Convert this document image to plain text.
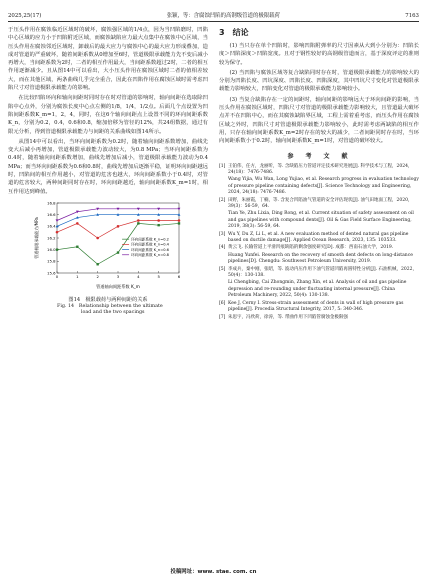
2025,25(17)	张颖，等：含腐蚀凹陷的高钢级管道的极限载荷	7163

于压头作用在腐蚀临近区域时的破坏，腐蚀强区域的1/4点，因为当凹陷磨时，凹陷中心区域的应力小于凹陷附近区域，而腐蚀缺陷应力最大点集中在腐蚀中心区域，当压头作用在腐蚀邻近区域时，卸载后的最大应力与腐蚀中心的最大应力形成叠加，造成对管道的严重破坏，随着间距系数从0增加至6时，管道极限承载能力先不变后减小再增大，当间距系数为2时，二者的相互作用最大，当间距系数超过2时，二者的相互作用逐渐减少。且从图14中可以看出，大小压头作用在腐蚀区域时二者的值相差较大，而在其他区域，两条曲线几乎完全重合，因此在凹陷作用在腐蚀区域时需考虑凹陷尺寸对管道极限承载能力的影响。

在比较凹陷环向和轴向间距时同时存在时对管道的影响时，轴向间距在选取除凹陷中心点外，分别为腐蚀长度中心点左侧的1/8，1/4，1/2点。后面几个点设置为凹陷间距系数K_m=1，2，4，同时，在这6个轴向间距点上设置不同的环向间距系数K_n，分别为0.2，0.4，0.6和0.8，缩加倍移为管径的12%，共24组数据，通过有限元分析，得到管道极限承载能力与间距的关系曲线如图14所示。

从图14中可以看出，当环向间距系数为0.2时，随着轴向间距系数增加，曲线先变大后减小再增加，管道极限承载能力波动较大，为0.8 MPa；当环向间距系数为0.4时，随着轴向间距系数增加，曲线先增加后减小，管道极限承载能力波动为0.4 MPa；而当环向间距系数为0.6和0.8时，曲线先增加后逐渐平稳，证明环向间距越远时，凹陷间的相互作用越小，对管道的危害也越大，环向间距系数小于0.4时，对管道的危害较大，两种间距同时存在时，环向间距越近，轴向间距系数K_m=1时，相互作用达到峰值。

管道极限承载能力/MPa
管道轴向间距系数 K_m
15.6
15.8
16.0
16.2
16.4
16.6
16.8
0	1	2	3	4	5	6
环向间距系数 K_n=0.2
环向间距系数 K_n=0.4
环向间距系数 K_n=0.6
环向间距系数 K_n=0.8

图14　极限载荷与两种间距的关系

Fig. 14　Relationship between the ultimate

load and the two spacings

3　结论

(1) 当只存在单个凹陷时，影响凹陷附弹率的尺寸因素从大到小分别为：凹陷长度＞凹陷深度＞凹陷宽度。且对于钢性较好的高钢级管道而言，基于深度评定的准则较为保守。

(2) 当凹陷与腐蚀区域等复合缺陷同时存在时，管道极限承载能力的影响较大的分别为凹陷长度、凹坑深度、凹陷长度、凹陷深度，其中凹坑尺寸变化对管道极限承载能力影响较大，凹陷变化对管道的极限承载能力影响较小。

(3) 当复合缺陷存在一定的间距时，轴向间距的影响远大于环向间距的影响，当压头作用在腐蚀区域时，凹陷尺寸对管道的极限承载能力影响较大，且管道最大破坏点并不在凹陷中心，而在其腐蚀缺陷界区域，工程上需着重考虑，而压头作用在腐蚀区域之外时，凹陷尺寸对管道极限承载能力影响较小，此时需考虑两缺陷的相互作用，只存在轴向间距系数K_m=2时存在的较大的减少，二者间距同时存在时，当环向间距系数小于0.2时，轴向间距系数K_m=1时，对管道的破坏较大。

参　考　文　献

[1] 王铂伟，任方，龙丽昕，等. 含缺陷压力管道评定技术研究进展[J]. 科学技术与工程，2024，24(18)：7476-7486.

Wang Yijia, Wu Wan, Long Yujiao, et al. Research progress in evaluation technology of pressure pipeline containing defects[J]. Science Technology and Engineering, 2024, 24(18): 7476-7486.

[2] 田野，朱丽霞，丁楠，等. 含复合凹陷油气管道的安全评估现状[J]. 油气田地面工程，2020，39(3)：56-59，64.

Tian Ye, Zhu Lixia, Ding Rong, et al. Current situation of safety assessment on oil and gas pipelines with compound dents[J]. Oil & Gas Field Surface Engineering, 2019, 38(3): 56-59, 64.

[3] Wu Y, Du Z, Li L, et al. A new evaluation method of dented natural gas pipeline based on ductile damage[J]. Applied Ocean Research, 2023, 135: 103533.

[4] 黄云飞. 长输管道上平滑凹痕缺陷的剩余强度研究[D]. 成都：西南石油大学，2019.

Huang Yunfei. Research on the recovery of smooth dent defects on long-distance pipelines[D]. Chengdu: Southwest Petroleum University, 2019.

[5] 李成兵，秦中刚，张昭，等. 波动内压作用下油气管道凹陷再圆特性分析[J]. 石油机械，2022，50(4)：130-138.

Li Chengbing, Cai Zhongmin, Zhang Xin, et al. Analysis of oil and gas pipeline depression and re-rounding under fluctuating internal pressure[J]. China Petroleum Machinery, 2022, 50(4): 130-138.

[6] Kee J, Cerny I. Stress-strain assessment of dents in wall of high pressure gas pipeline[J]. Procedia Structural Integrity, 2017, 5: 340-346.

[7] 朱思宇，冯欣荷，徐涛，等. 带曲作用下凹陷管腐蚀金极限强

投稿网址：www. stae. com. cn
